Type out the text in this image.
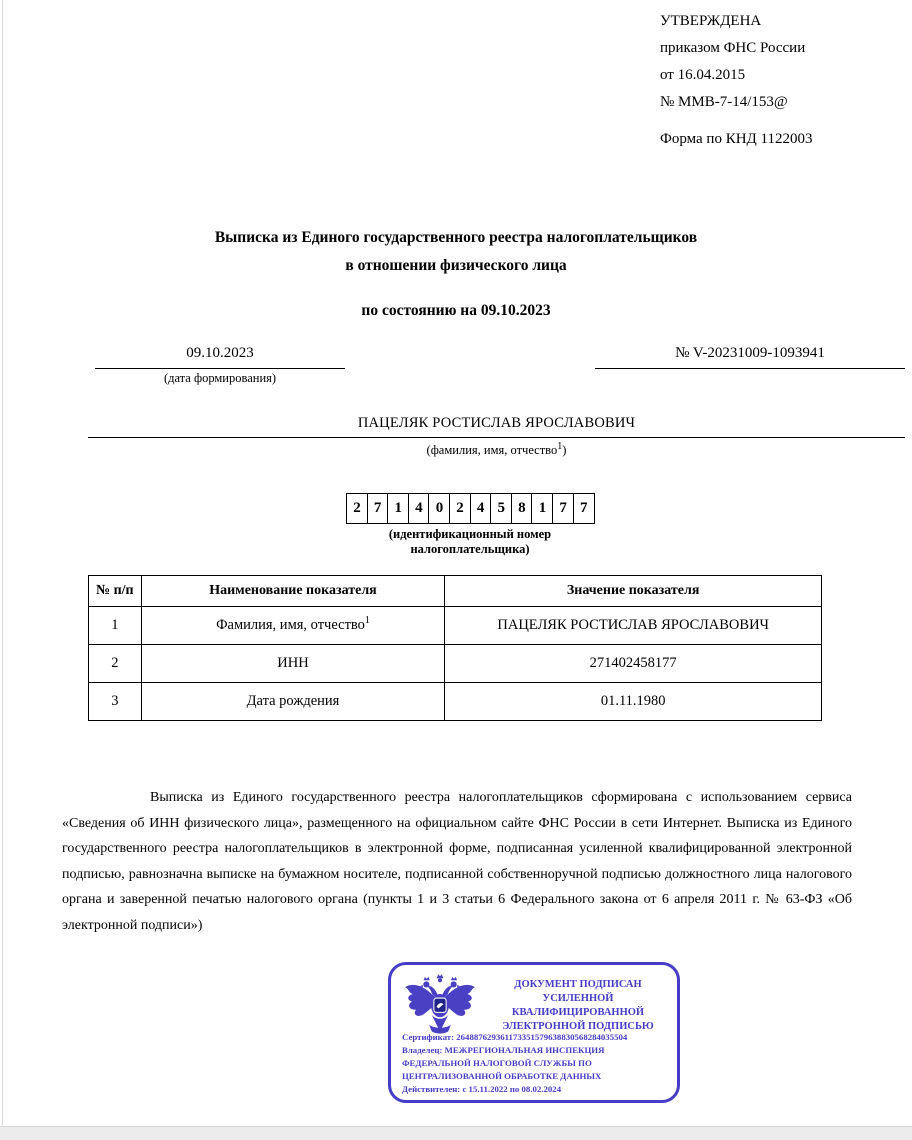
УТВЕРЖДЕНА

приказом ФНС России

от 16.04.2015

№ ММВ-7-14/153@

Форма по КНД 1122003
Выписка из Единого государственного реестра налогоплательщиков
в отношении физического лица
по состоянию на 09.10.2023
09.10.2023
(дата формирования)
№ V-20231009-1093941
ПАЦЕЛЯК РОСТИСЛАВ ЯРОСЛАВОВИЧ
(фамилия, имя, отчество$^1$)
2 7 1 4 0 2 4 5 8 1 7 7
(идентификационный номер
налогоплательщика)
№ п/п	Наименование показателя	Значение показателя
1	Фамилия, имя, отчество$^1$	ПАЦЕЛЯК РОСТИСЛАВ ЯРОСЛАВОВИЧ
2	ИНН	271402458177
3	Дата рождения	01.11.1980
Выписка из Единого государственного реестра налогоплательщиков сформирована с использованием сервиса «Сведения об ИНН физического лица», размещенного на официальном сайте ФНС России в сети Интернет. Выписка из Единого государственного реестра налогоплательщиков в электронной форме, подписанная усиленной квалифицированной электронной подписью, равнозначна выписке на бумажном носителе, подписанной собственноручной подписью должностного лица налогового органа и заверенной печатью налогового органа (пункты 1 и 3 статьи 6 Федерального закона от 6 апреля 2011 г. № 63-ФЗ «Об электронной подписи»)
ДОКУМЕНТ ПОДПИСАН
УСИЛЕННОЙ КВАЛИФИЦИРОВАННОЙ
ЭЛЕКТРОННОЙ ПОДПИСЬЮ
Сертификат: 264887629361173351579638830568284035504
Владелец: МЕЖРЕГИОНАЛЬНАЯ ИНСПЕКЦИЯ ФЕДЕРАЛЬНОЙ НАЛОГОВОЙ СЛУЖБЫ ПО ЦЕНТРАЛИЗОВАННОЙ ОБРАБОТКЕ ДАННЫХ
Действителен: с 15.11.2022 по 08.02.2024
